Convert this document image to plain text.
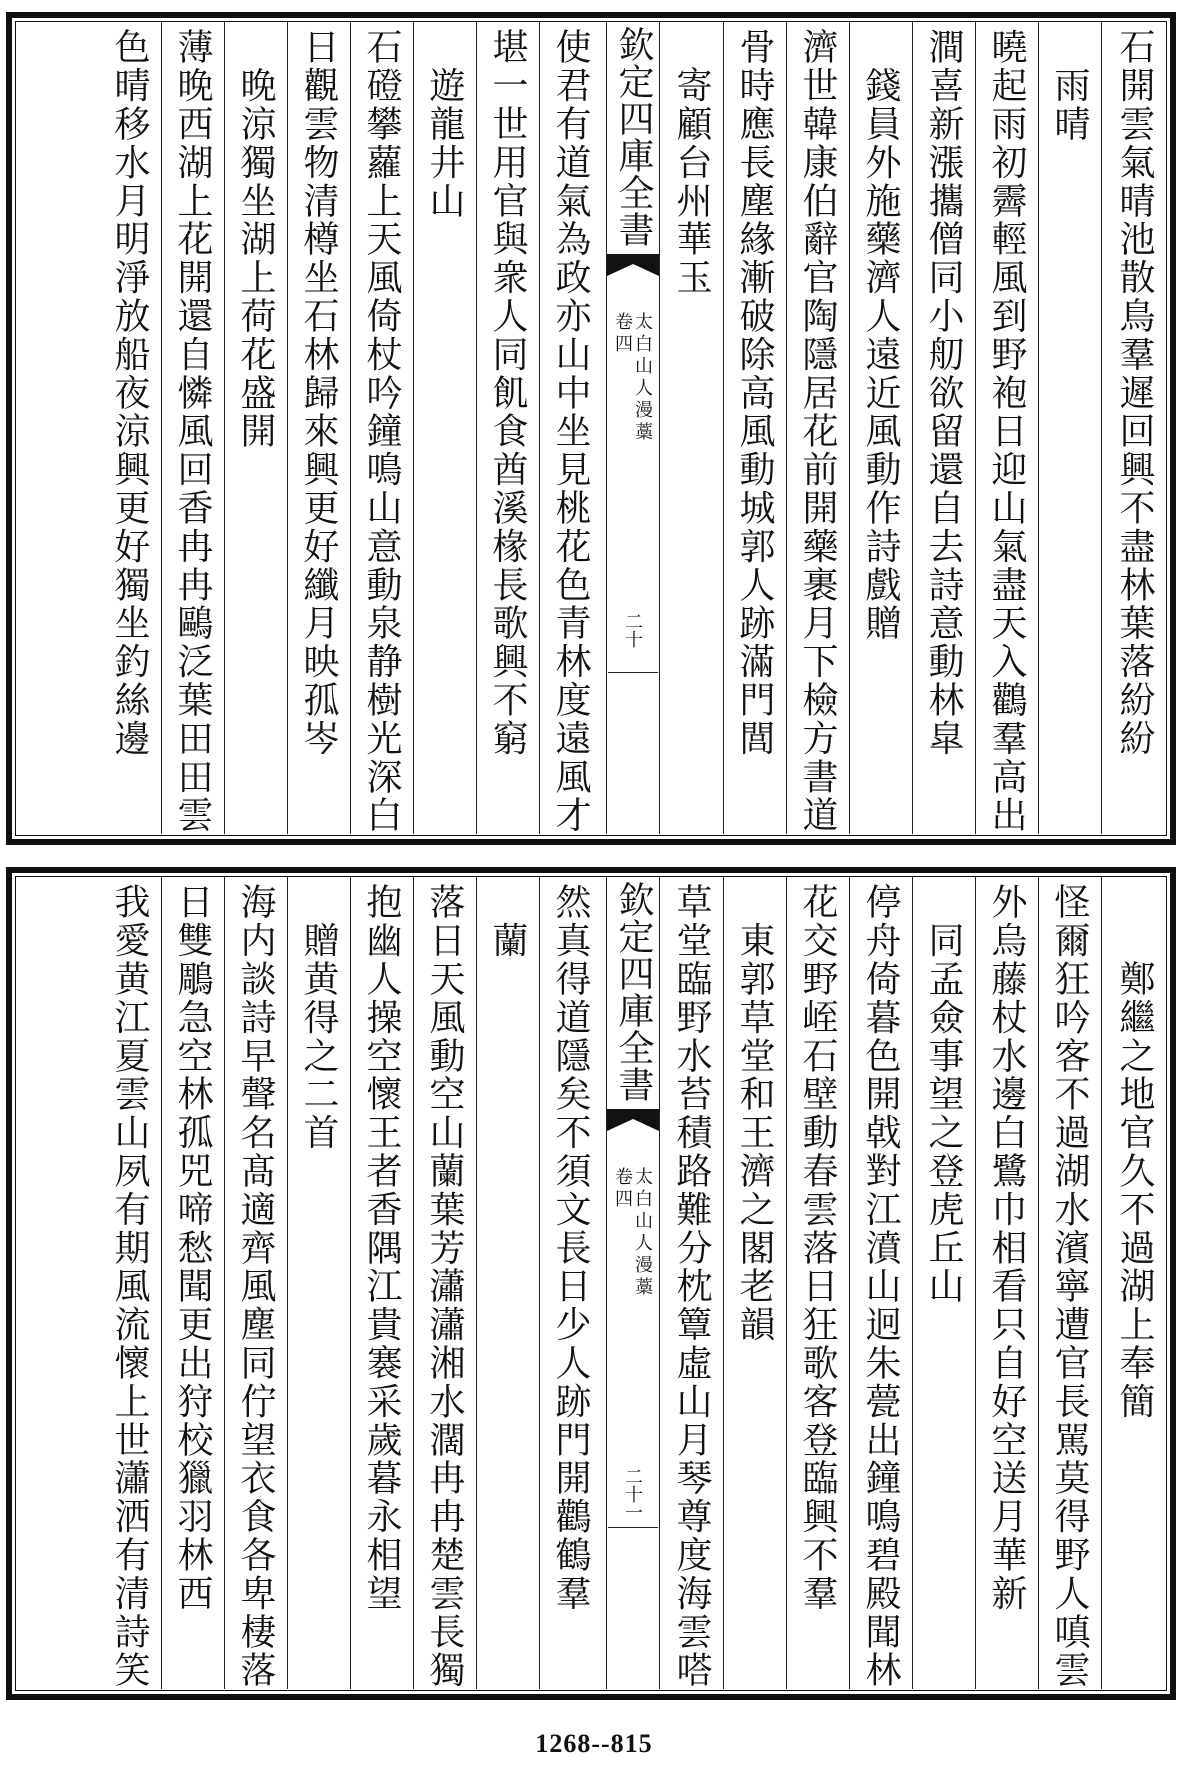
石開雲氣晴池散鳥羣遲回興不盡林葉落紛紛
　雨晴
曉起雨初霽輕風到野袍日迎山氣盡天入鸛羣高出
澗喜新漲攜僧同小舠欲留還自去詩意動林皐
　錢員外施藥濟人遠近風動作詩戲贈
濟世韓康伯辭官陶隱居花前開藥裹月下檢方書道
骨時應長塵緣漸破除高風動城郭人跡滿門閭
　寄顧台州華玉
欽定四庫全書
太白山人漫藁
卷四
二十
使君有道氣為政亦山中坐見桃花色青林度遠風才
堪一世用官與衆人同飢食酋溪椽長歌興不窮
　遊龍井山
石磴攀蘿上天風倚杖吟鐘鳴山意動泉静樹光深白
日觀雲物清樽坐石林歸來興更好纖月映孤岑
　晚涼獨坐湖上荷花盛開
薄晚西湖上花開還自憐風回香冉冉鷗泛葉田田雲
色晴移水月明淨放船夜涼興更好獨坐釣絲邊
　　鄭繼之地官久不過湖上奉簡
怪爾狂吟客不過湖水濱寧遭官長駡莫得野人嗔雲
外烏藤杖水邊白鷺巾相看只自好空送月華新
　同孟僉事望之登虎丘山
停舟倚暮色開㦸對江濆山迥朱甍出鐘鳴碧殿聞林
花交野峌石壁動春雲落日狂歌客登臨興不羣
　東郭草堂和王濟之閣老韻
草堂臨野水苔積路難分枕簟虛山月琴尊度海雲嗒
欽定四庫全書
太白山人漫藁
卷四
二十一
然真得道隱矣不須文長日少人跡門開鸛鶴羣
　蘭
落日天風動空山蘭葉芳瀟瀟湘水濶冉冉楚雲長獨
抱幽人操空懷王者香隅江貴褰采歲暮永相望
　贈黄得之二首
海内談詩早聲名髙適齊風塵同佇望衣食各卑棲落
日雙鵰急空林孤兕啼愁聞更出狩校獵羽林西
我愛黄江夏雲山夙有期風流懷上世瀟洒有清詩笑
1268--815
